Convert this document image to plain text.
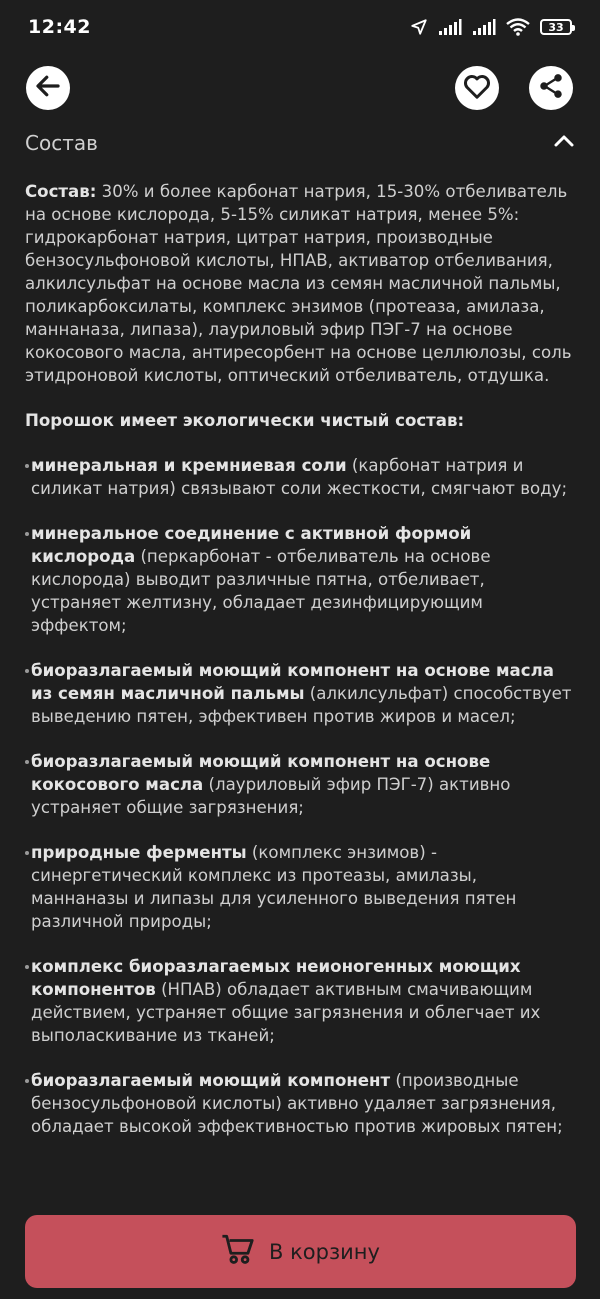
12:42	33
Состав

Состав: 30% и более карбонат натрия, 15-30% отбеливатель на основе кислорода, 5-15% силикат натрия, менее 5%: гидрокарбонат натрия, цитрат натрия, производные бензосульфоновой кислоты, НПАВ, активатор отбеливания, алкилсульфат на основе масла из семян масличной пальмы, поликарбоксилаты, комплекс энзимов (протеаза, амилаза, маннаназа, липаза), лауриловый эфир ПЭГ-7 на основе кокосового масла, антиресорбент на основе целлюлозы, соль этидроновой кислоты, оптический отбеливатель, отдушка.

Порошок имеет экологически чистый состав:

минеральная и кремниевая соли (карбонат натрия и силикат натрия) связывают соли жесткости, смягчают воду;

минеральное соединение с активной формой кислорода (перкарбонат - отбеливатель на основе кислорода) выводит различные пятна, отбеливает, устраняет желтизну, обладает дезинфицирующим эффектом;

биоразлагаемый моющий компонент на основе масла из семян масличной пальмы (алкилсульфат) способствует выведению пятен, эффективен против жиров и масел;

биоразлагаемый моющий компонент на основе кокосового масла (лауриловый эфир ПЭГ-7) активно устраняет общие загрязнения;

природные ферменты (комплекс энзимов) - синергетический комплекс из протеазы, амилазы, маннаназы и липазы для усиленного выведения пятен различной природы;

комплекс биоразлагаемых неионогенных моющих компонентов (НПАВ) обладает активным смачивающим действием, устраняет общие загрязнения и облегчает их выполаскивание из тканей;

биоразлагаемый моющий компонент (производные бензосульфоновой кислоты) активно удаляет загрязнения, обладает высокой эффективностью против жировых пятен;

В корзину
